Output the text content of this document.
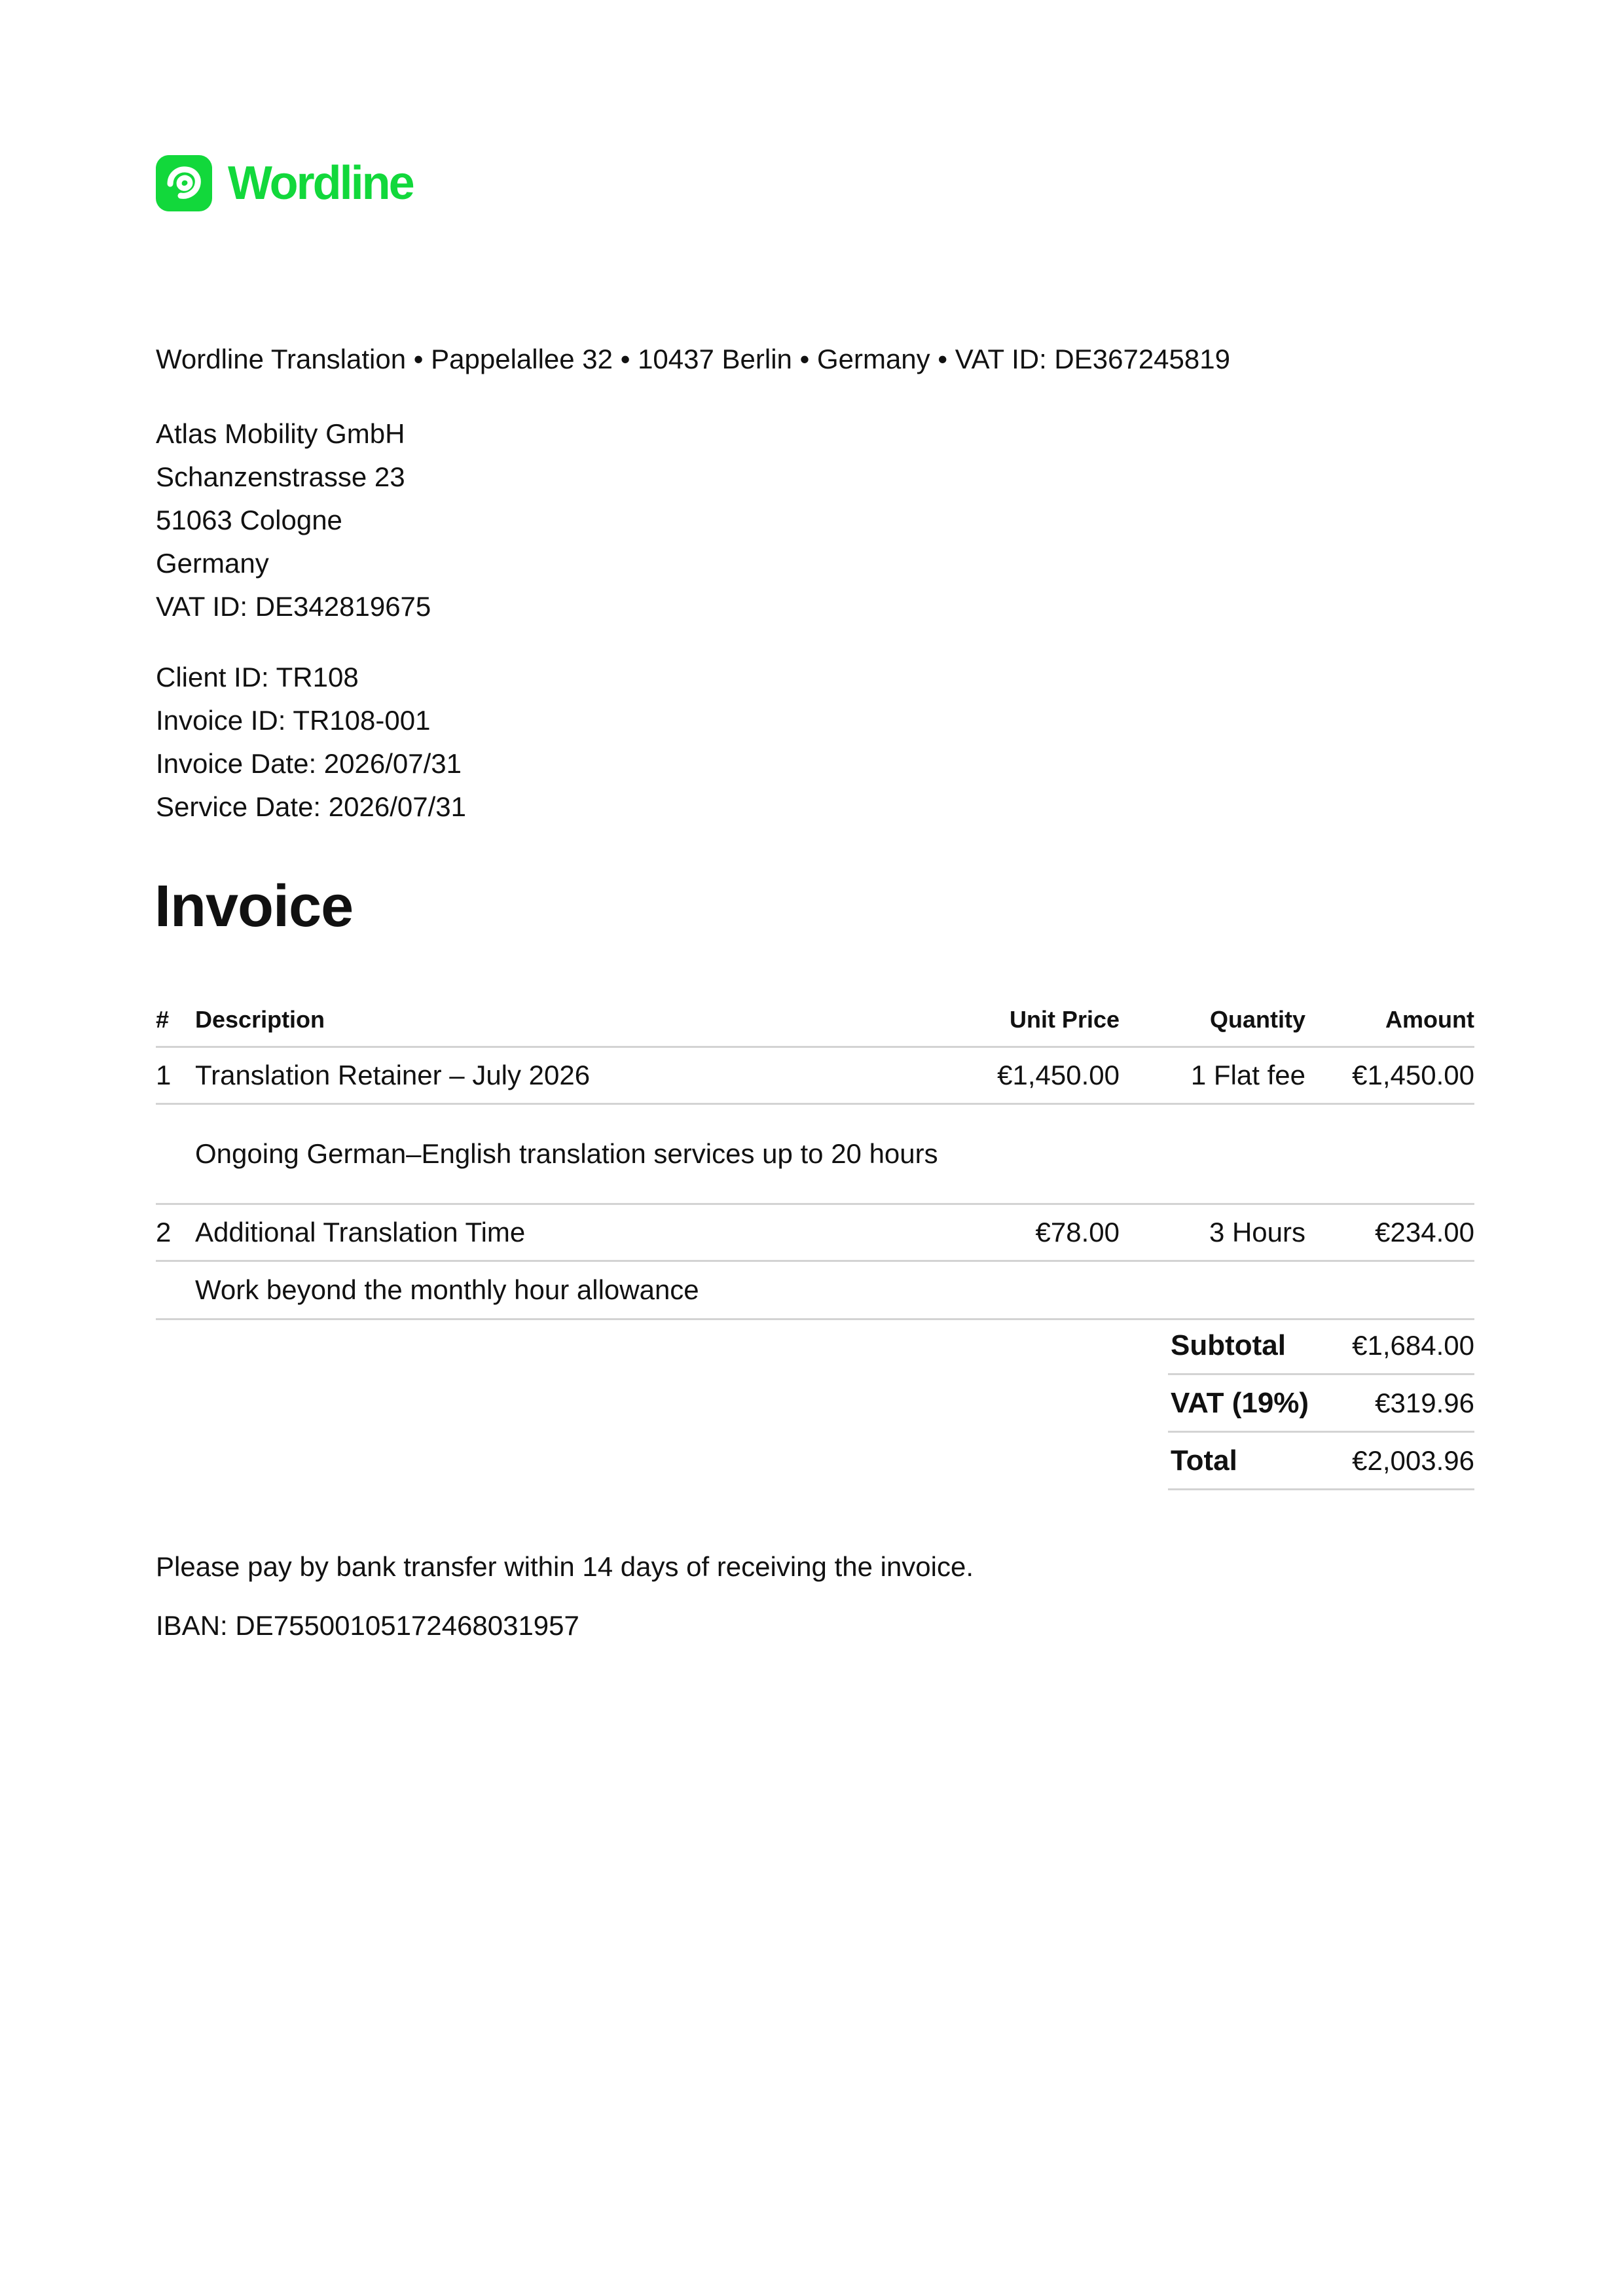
Wordline
Wordline Translation • Pappelallee 32 • 10437 Berlin • Germany • VAT ID: DE367245819
Atlas Mobility GmbH
Schanzenstrasse 23
51063 Cologne
Germany
VAT ID: DE342819675
Client ID: TR108
Invoice ID: TR108-001
Invoice Date: 2026/07/31
Service Date: 2026/07/31
Invoice
#	Description	Unit Price	Quantity	Amount
1	Translation Retainer – July 2026	€1,450.00	1 Flat fee	€1,450.00

	Ongoing German–English translation services up to 20 hours			

2	Additional Translation Time	€78.00	3 Hours	€234.00

	Work beyond the monthly hour allowance			

Subtotal	€1,684.00
VAT (19%)	€319.96
Total	€2,003.96
Please pay by bank transfer within 14 days of receiving the invoice.
IBAN: DE75500105172468031957
